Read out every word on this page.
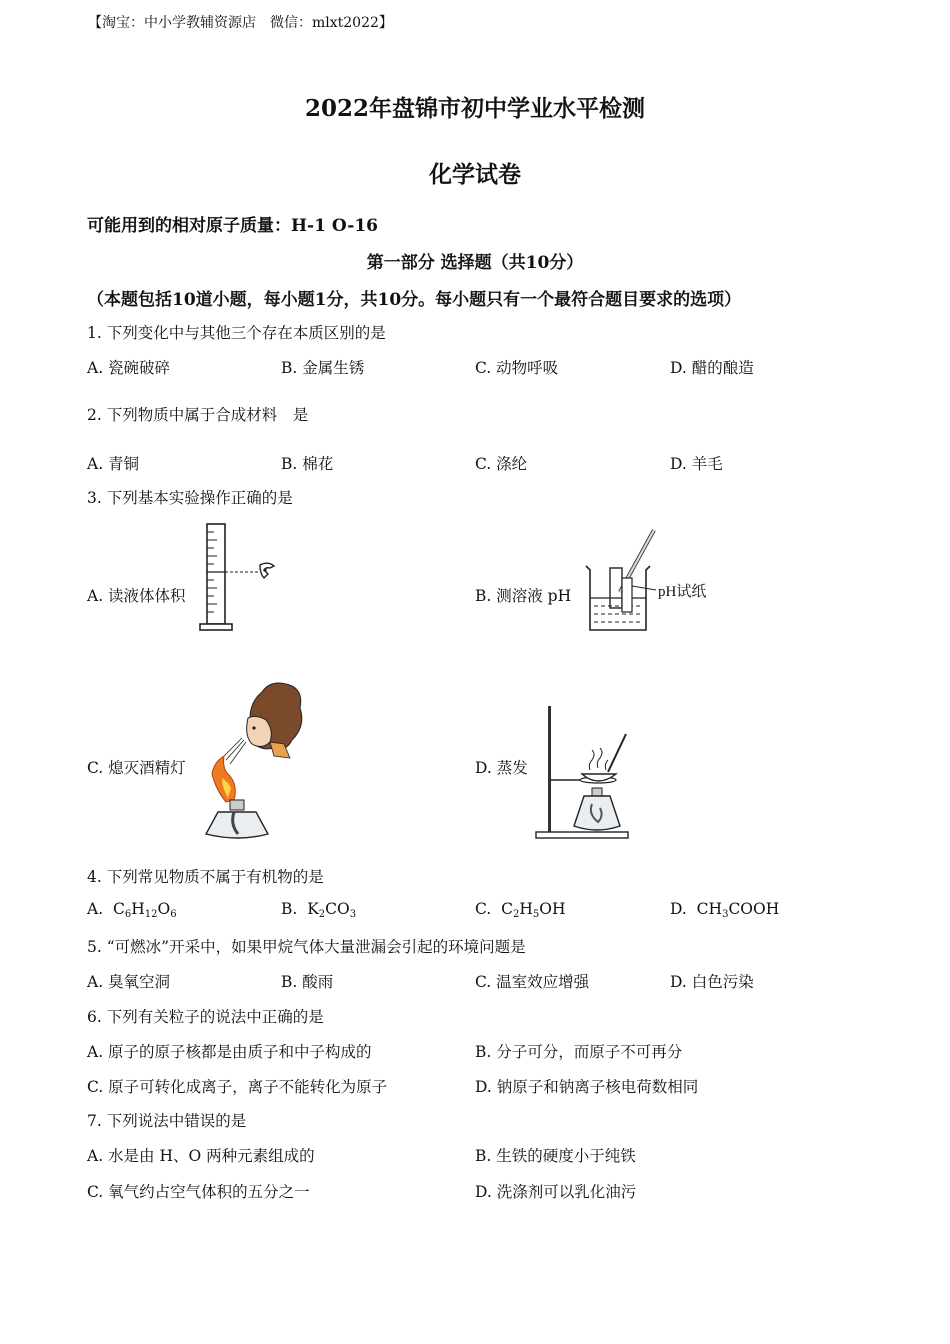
【淘宝：中小学教辅资源店　微信：mlxt2022】
2022年盘锦市初中学业水平检测
化学试卷
可能用到的相对原子质量：H-1 O-16
第一部分 选择题（共10分）
（本题包括10道小题，每小题1分，共10分。每小题只有一个最符合题目要求的选项）
1. 下列变化中与其他三个存在本质区别的是
A. 瓷碗破碎	B. 金属生锈	C. 动物呼吸	D. 醋的酿造
2. 下列物质中属于合成材料　是
A. 青铜	B. 棉花	C. 涤纶	D. 羊毛
3. 下列基本实验操作正确的是
A. 读液体体积	B. 测溶液 pH
C. 熄灭酒精灯	D. 蒸发
pH试纸
4. 下列常见物质不属于有机物的是
A. $C_6H_{12}O_6$	B. $K_2CO_3$	C. $C_2H_5OH$	D. $CH_3COOH$
5. “可燃冰”开采中，如果甲烷气体大量泄漏会引起的环境问题是
A. 臭氧空洞	B. 酸雨	C. 温室效应增强	D. 白色污染
6. 下列有关粒子的说法中正确的是
A. 原子的原子核都是由质子和中子构成的	B. 分子可分，而原子不可再分
C. 原子可转化成离子，离子不能转化为原子	D. 钠原子和钠离子核电荷数相同
7. 下列说法中错误的是
A. 水是由 H、O 两种元素组成的	B. 生铁的硬度小于纯铁
C. 氧气约占空气体积的五分之一	D. 洗涤剂可以乳化油污
